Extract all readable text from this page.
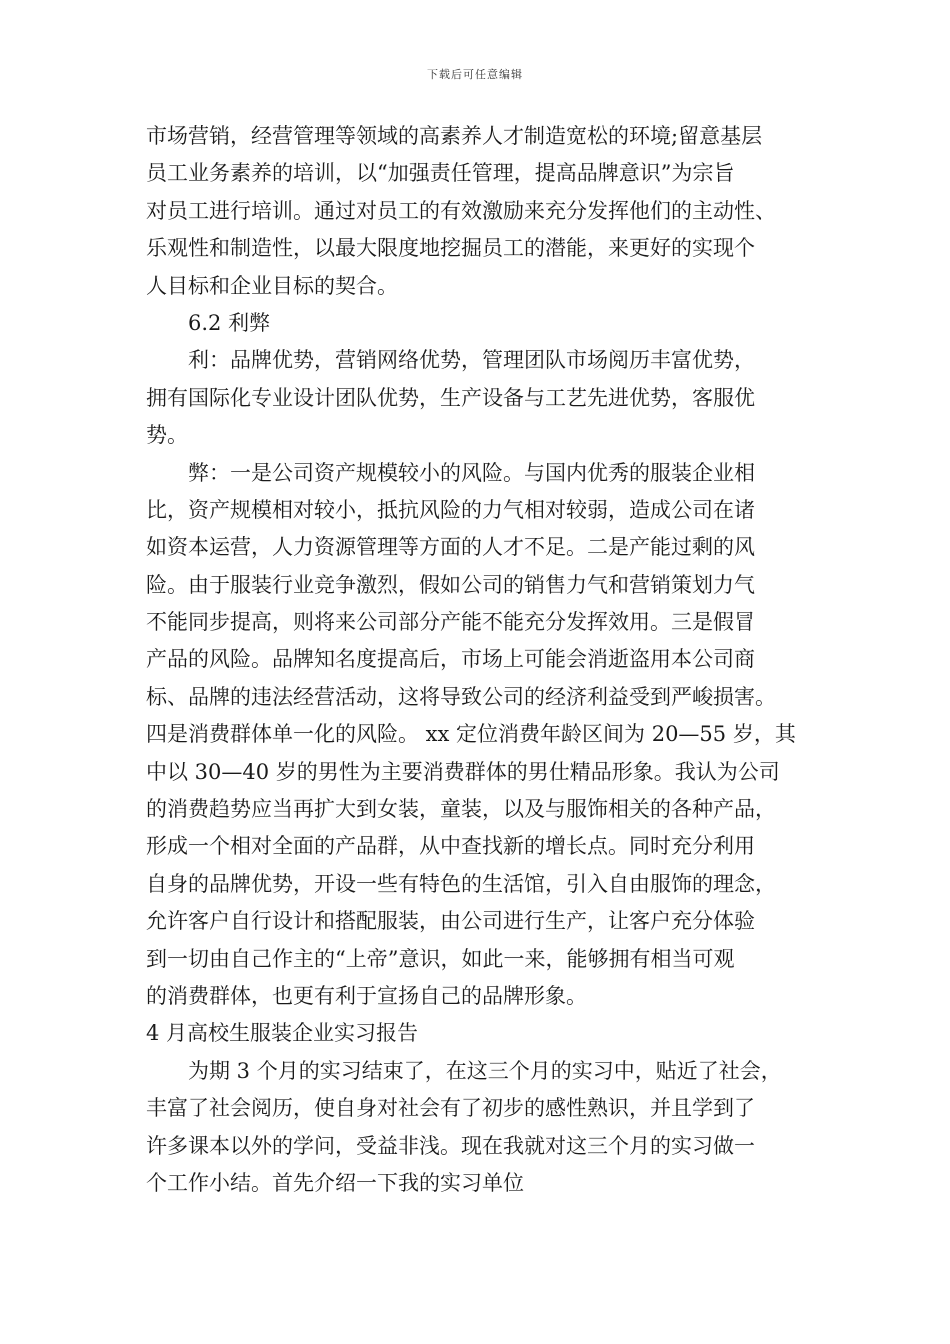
下载后可任意编辑
市场营销，经营管理等领域的高素养人才制造宽松的环境;留意基层
员工业务素养的培训，以“加强责任管理，提高品牌意识”为宗旨
对员工进行培训。通过对员工的有效激励来充分发挥他们的主动性、
乐观性和制造性，以最大限度地挖掘员工的潜能，来更好的实现个
人目标和企业目标的契合。
6.2 利弊
利：品牌优势，营销网络优势，管理团队市场阅历丰富优势，
拥有国际化专业设计团队优势，生产设备与工艺先进优势，客服优
势。
弊：一是公司资产规模较小的风险。与国内优秀的服装企业相
比，资产规模相对较小，抵抗风险的力气相对较弱，造成公司在诸
如资本运营，人力资源管理等方面的人才不足。二是产能过剩的风
险。由于服装行业竞争激烈，假如公司的销售力气和营销策划力气
不能同步提高，则将来公司部分产能不能充分发挥效用。三是假冒
产品的风险。品牌知名度提高后，市场上可能会消逝盗用本公司商
标、品牌的违法经营活动，这将导致公司的经济利益受到严峻损害。
四是消费群体单一化的风险。 xx 定位消费年龄区间为 20—55 岁，其
中以 30—40 岁的男性为主要消费群体的男仕精品形象。我认为公司
的消费趋势应当再扩大到女装，童装，以及与服饰相关的各种产品，
形成一个相对全面的产品群，从中查找新的增长点。同时充分利用
自身的品牌优势，开设一些有特色的生活馆，引入自由服饰的理念，
允许客户自行设计和搭配服装，由公司进行生产，让客户充分体验
到一切由自己作主的“上帝”意识，如此一来，能够拥有相当可观
的消费群体，也更有利于宣扬自己的品牌形象。
4 月高校生服装企业实习报告
为期 3 个月的实习结束了，在这三个月的实习中，贴近了社会，
丰富了社会阅历，使自身对社会有了初步的感性熟识，并且学到了
许多课本以外的学问，受益非浅。现在我就对这三个月的实习做一
个工作小结。首先介绍一下我的实习单位
